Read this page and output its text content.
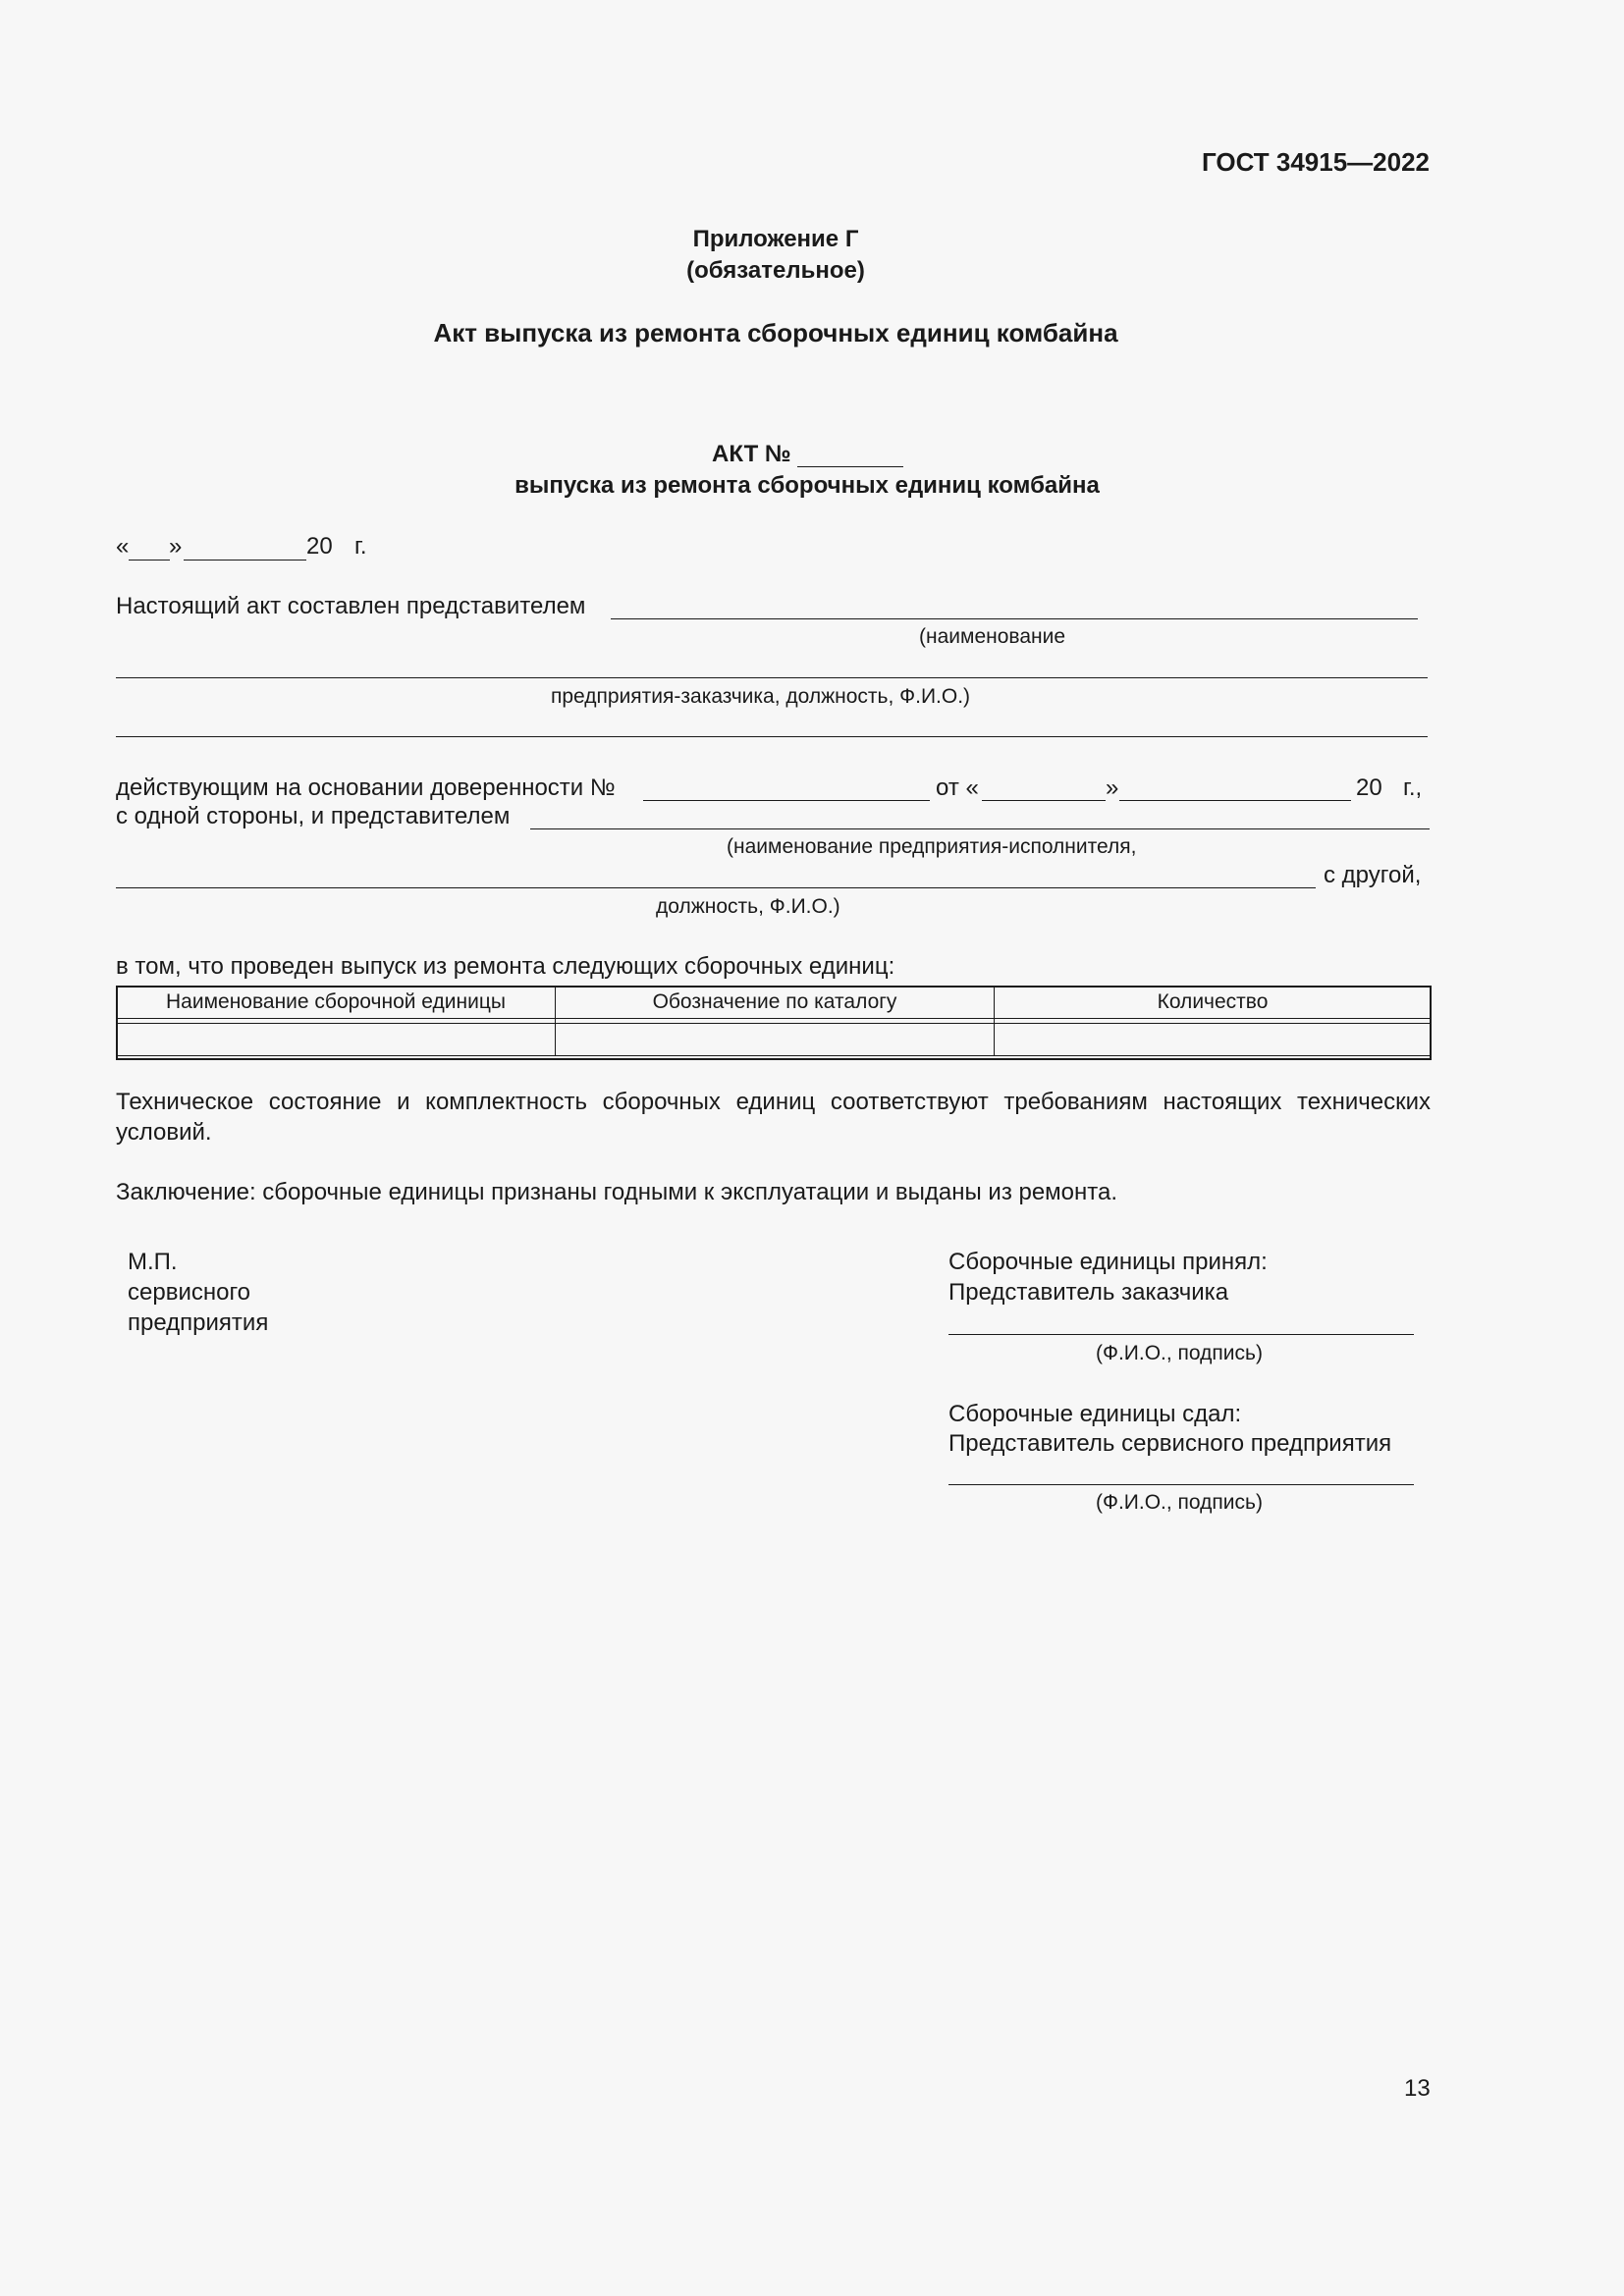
ГОСТ 34915—2022
Приложение Г
(обязательное)
Акт выпуска из ремонта сборочных единиц комбайна
АКТ №
выпуска из ремонта сборочных единиц комбайна
« »	20 г.
Настоящий акт составлен представителем
(наименование
предприятия-заказчика, должность, Ф.И.О.)
действующим на основании доверенности №	от «	»	20 г.,
с одной стороны, и представителем
(наименование предприятия-исполнителя,
с другой,
должность, Ф.И.О.)
в том, что проведен выпуск из ремонта следующих сборочных единиц:
Наименование сборочной единицы	Обозначение по каталогу	Количество

Техническое состояние и комплектность сборочных единиц соответствуют требованиям настоящих технических
условий.
Заключение: сборочные единицы признаны годными к эксплуатации и выданы из ремонта.
М.П.
сервисного
предприятия
Сборочные единицы принял:
Представитель заказчика
(Ф.И.О., подпись)
Сборочные единицы сдал:
Представитель сервисного предприятия
(Ф.И.О., подпись)
13
